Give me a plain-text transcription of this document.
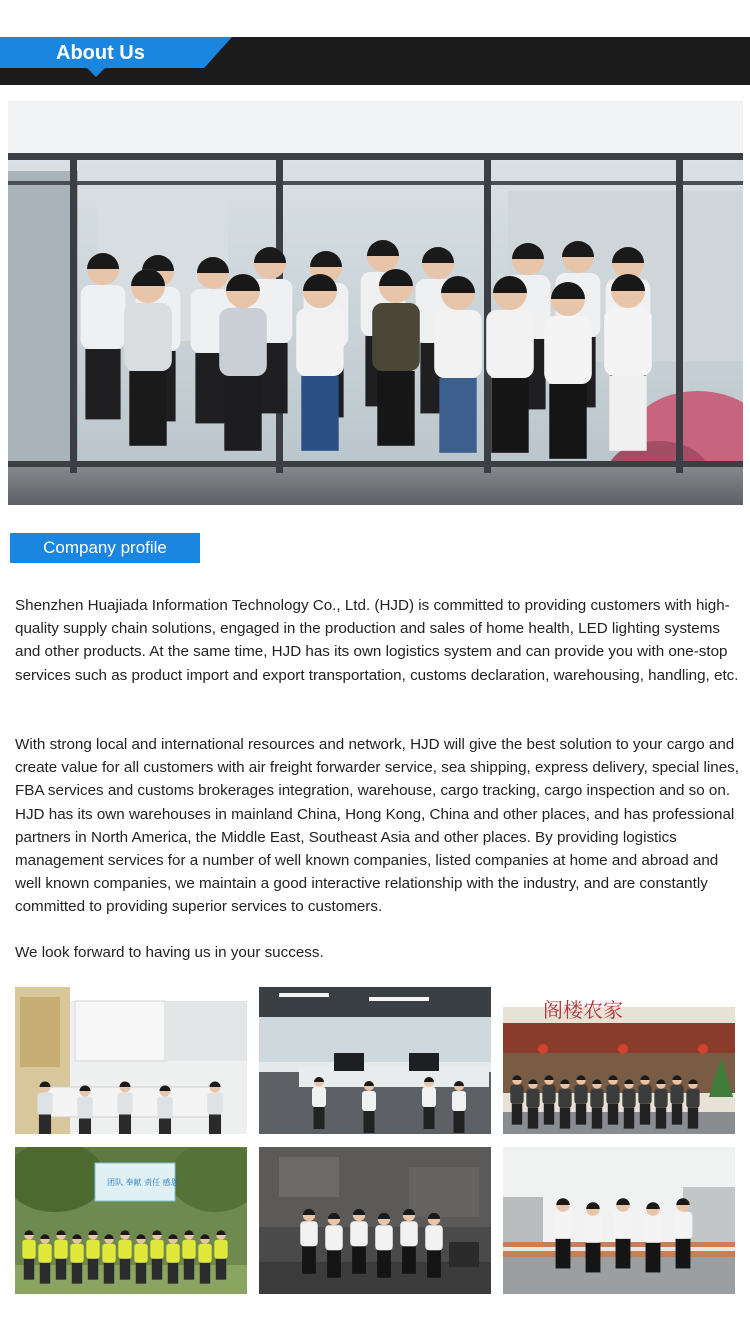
About Us
Company profile

Shenzhen Huajiada Information Technology Co., Ltd. (HJD) is committed to providing customers with high-quality supply chain solutions, engaged in the production and sales of home health, LED lighting systems and other products. At the same time, HJD has its own logistics system and can provide you with one-stop services such as product import and export transportation, customs declaration, warehousing, handling, etc.

With strong local and international resources and network, HJD will give the best solution to your cargo and create value for all customers with air freight forwarder service, sea shipping, express delivery, special lines, FBA services and customs brokerages integration, warehouse, cargo tracking, cargo inspection and so on. HJD has its own warehouses in mainland China, Hong Kong, China and other places, and has professional partners in North America, the Middle East, Southeast Asia and other places. By providing logistics management services for a number of well known companies, listed companies at home and abroad and well known companies, we maintain a good interactive relationship with the industry, and are constantly committed to providing superior services to customers.

We look forward to having us in your success.

阁楼农家
团队 奉献 责任 感恩
